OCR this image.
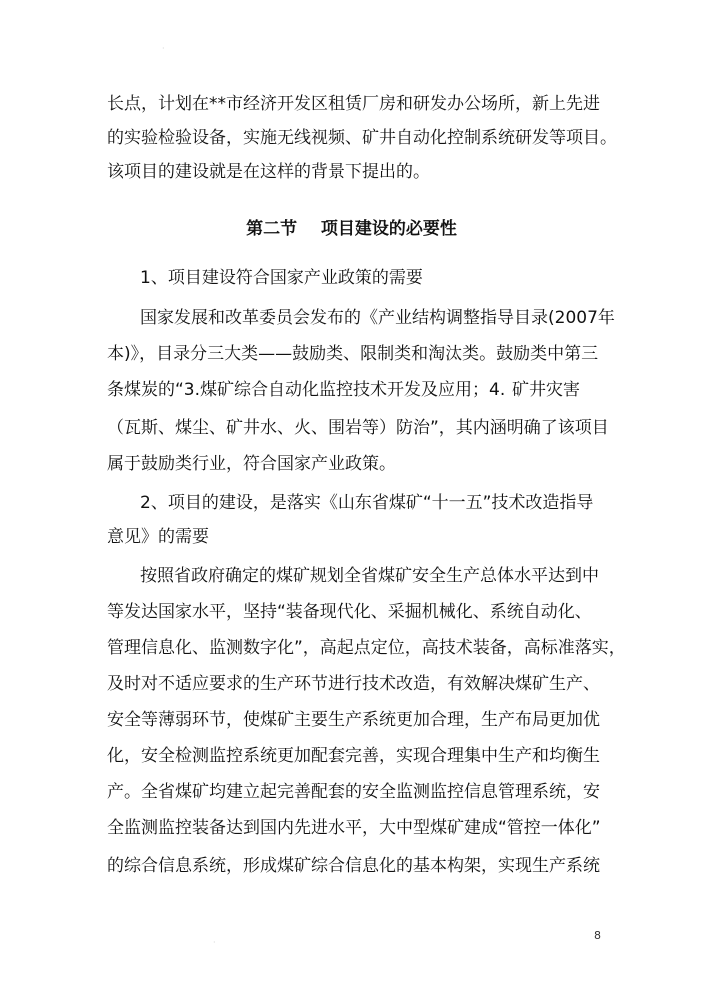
·

长点，计划在**市经济开发区租赁厂房和研发办公场所，新上先进

的实验检验设备，实施无线视频、矿井自动化控制系统研发等项目。

该项目的建设就是在这样的背景下提出的。

第二节    项目建设的必要性

1、项目建设符合国家产业政策的需要

国家发展和改革委员会发布的《产业结构调整指导目录(2007年

本)》，目录分三大类——鼓励类、限制类和淘汰类。鼓励类中第三

条煤炭的“3.煤矿综合自动化监控技术开发及应用；4. 矿井灾害

（瓦斯、煤尘、矿井水、火、围岩等）防治”，其内涵明确了该项目

属于鼓励类行业，符合国家产业政策。

2、项目的建设，是落实《山东省煤矿“十一五”技术改造指导

意见》的需要

按照省政府确定的煤矿规划全省煤矿安全生产总体水平达到中

等发达国家水平，坚持“装备现代化、采掘机械化、系统自动化、

管理信息化、监测数字化”，高起点定位，高技术装备，高标准落实，

及时对不适应要求的生产环节进行技术改造，有效解决煤矿生产、

安全等薄弱环节，使煤矿主要生产系统更加合理，生产布局更加优

化，安全检测监控系统更加配套完善，实现合理集中生产和均衡生

产。全省煤矿均建立起完善配套的安全监测监控信息管理系统，安

全监测监控装备达到国内先进水平，大中型煤矿建成“管控一体化”

的综合信息系统，形成煤矿综合信息化的基本构架，实现生产系统

8
·
